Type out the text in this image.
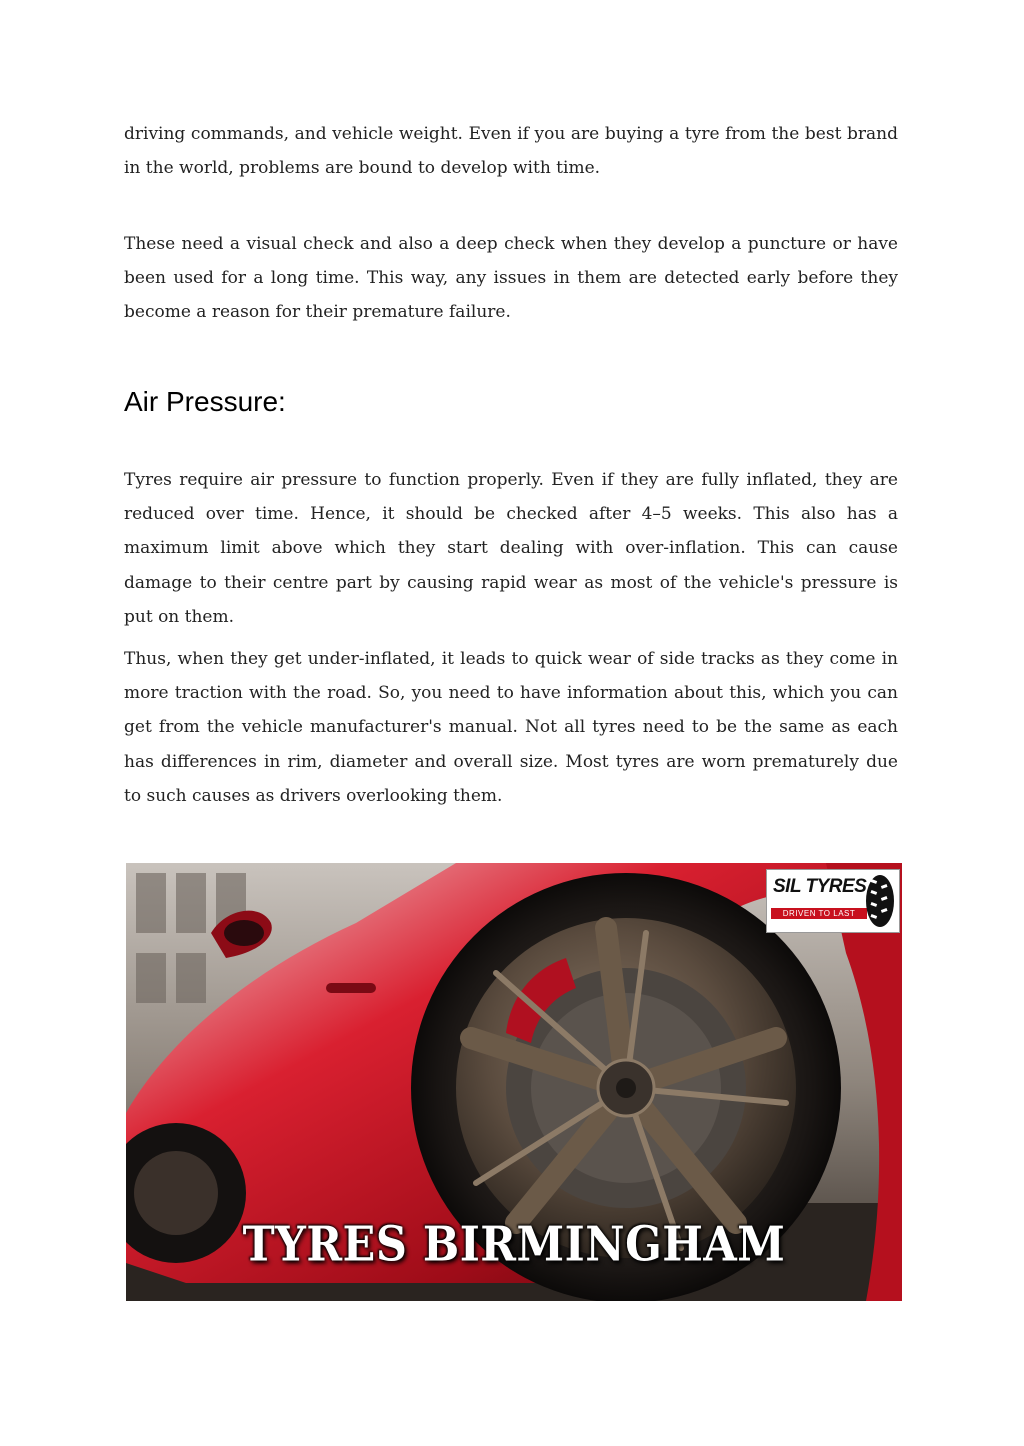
driving commands, and vehicle weight. Even if you are buying a tyre from the best brand in the world, problems are bound to develop with time.

These need a visual check and also a deep check when they develop a puncture or have been used for a long time. This way, any issues in them are detected early before they become a reason for their premature failure.

Air Pressure:

Tyres require air pressure to function properly. Even if they are fully inflated, they are reduced over time. Hence, it should be checked after 4–5 weeks. This also has a maximum limit above which they start dealing with over-inflation. This can cause damage to their centre part by causing rapid wear as most of the vehicle's pressure is put on them.

Thus, when they get under-inflated, it leads to quick wear of side tracks as they come in more traction with the road. So, you need to have information about this, which you can get from the vehicle manufacturer's manual. Not all tyres need to be the same as each has differences in rim, diameter and overall size. Most tyres are worn prematurely due to such causes as drivers overlooking them.

SIL TYRES
DRIVEN TO LAST
TYRES BIRMINGHAM
